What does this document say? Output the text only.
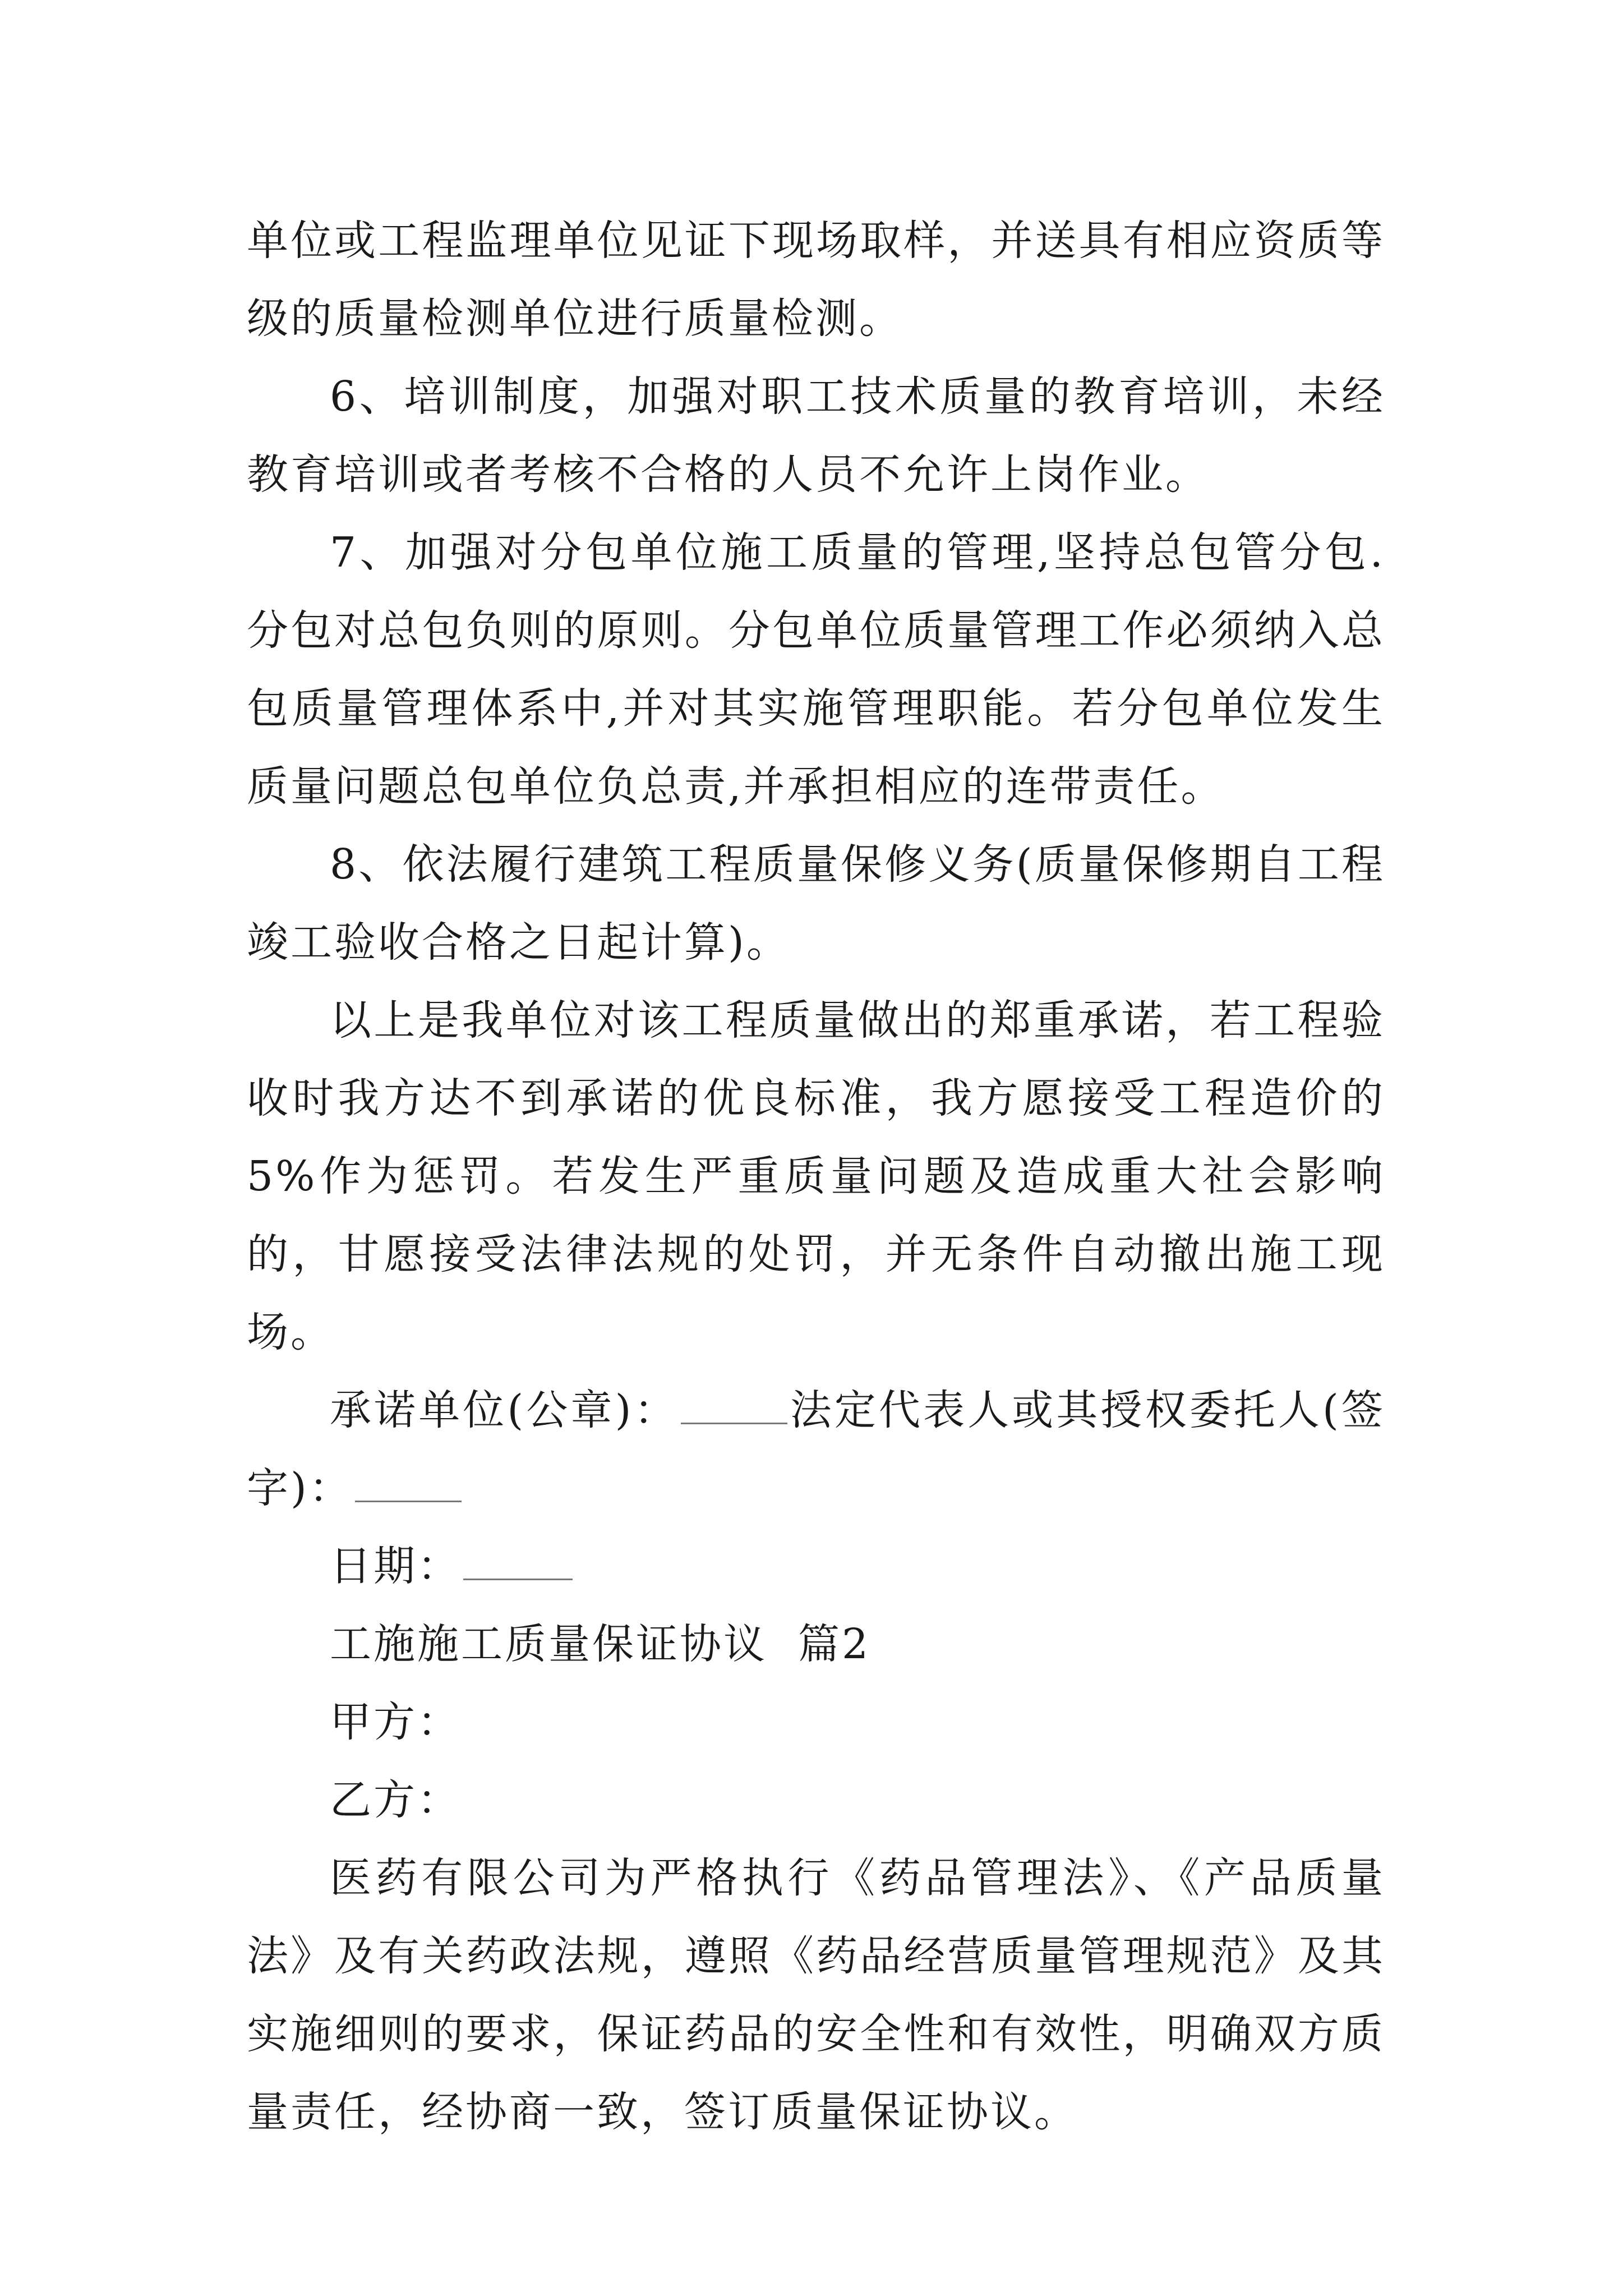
单位或工程监理单位见证下现场取样，并送具有相应资质等级的质量检测单位进行质量检测。

6、培训制度，加强对职工技术质量的教育培训，未经教育培训或者考核不合格的人员不允许上岗作业。

7、加强对分包单位施工质量的管理,坚持总包管分包.分包对总包负则的原则。分包单位质量管理工作必须纳入总包质量管理体系中,并对其实施管理职能。若分包单位发生质量问题总包单位负总责,并承担相应的连带责任。

8、依法履行建筑工程质量保修义务(质量保修期自工程竣工验收合格之日起计算)。

以上是我单位对该工程质量做出的郑重承诺，若工程验收时我方达不到承诺的优良标准，我方愿接受工程造价的5%作为惩罚。若发生严重质量问题及造成重大社会影响的，甘愿接受法律法规的处罚，并无条件自动撤出施工现场。

承诺单位(公章)：	法定代表人或其授权委托人(签字)：

日期：

工施施工质量保证协议  篇2

甲方：

乙方：

医药有限公司为严格执行《药品管理法》、《产品质量法》及有关药政法规，遵照《药品经营质量管理规范》及其实施细则的要求，保证药品的安全性和有效性，明确双方质量责任，经协商一致，签订质量保证协议。
